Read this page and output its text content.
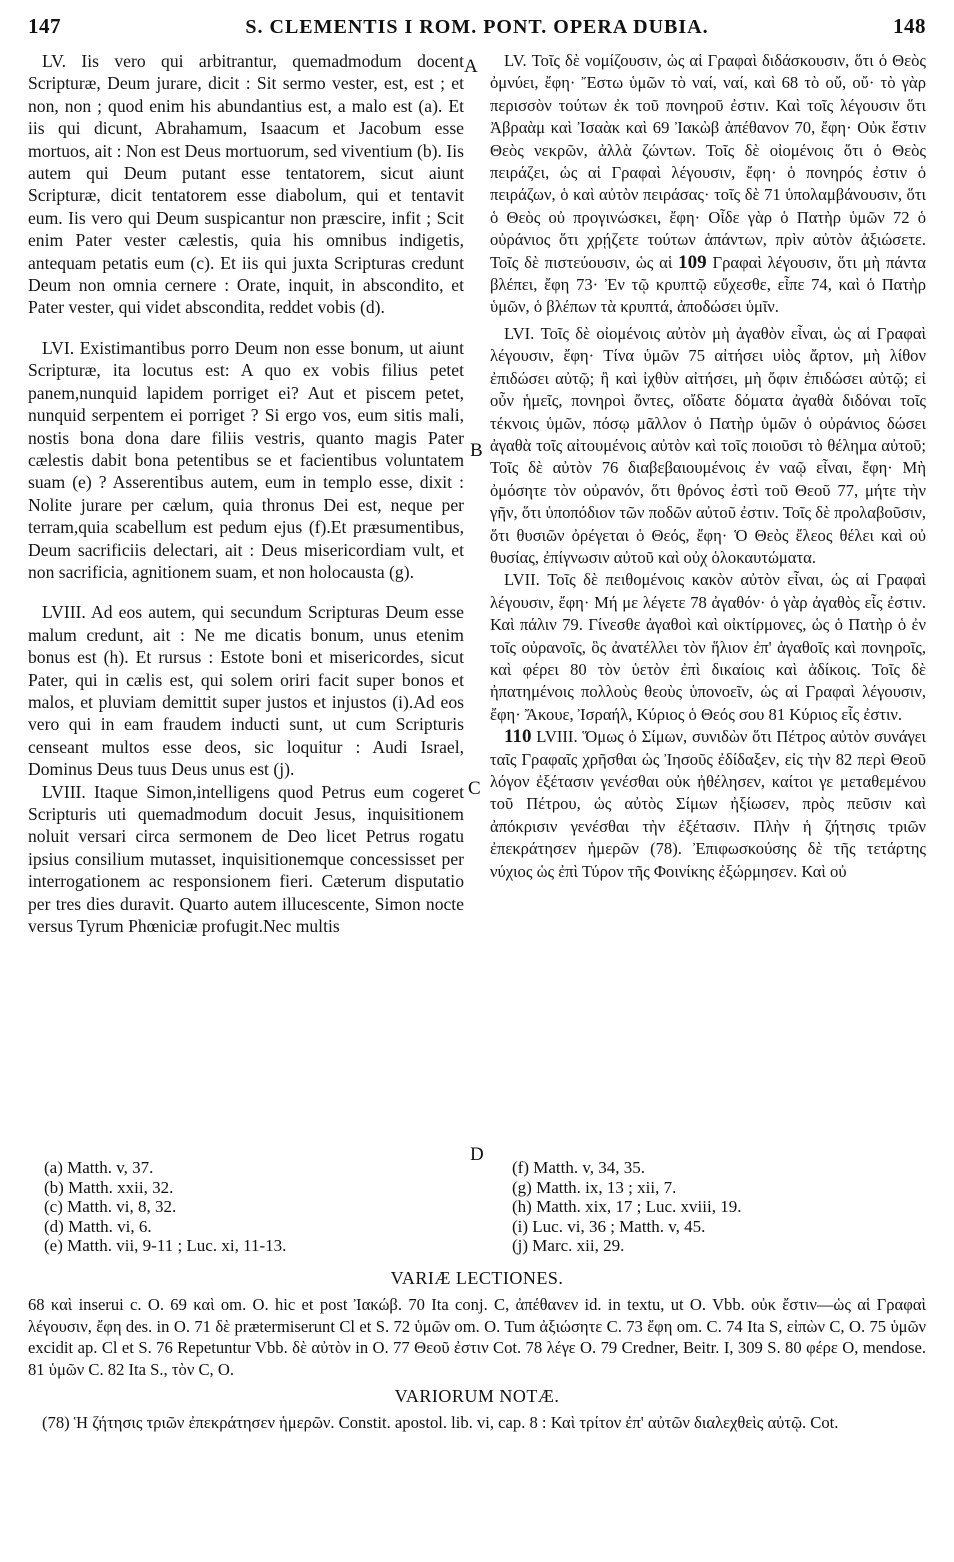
147	S. CLEMENTIS I ROM. PONT. OPERA DUBIA.	148

LV. Iis vero qui arbitrantur, quemadmodum docent Scripturæ, Deum jurare, dicit : Sit sermo vester, est, est ; et non, non ; quod enim his abundantius est, a malo est (a). Et iis qui dicunt, Abrahamum, Isaacum et Jacobum esse mortuos, ait : Non est Deus mortuorum, sed viventium (b). Iis autem qui Deum putant esse tentatorem, sicut aiunt Scripturæ, dicit tentatorem esse diabolum, qui et tentavit eum. Iis vero qui Deum suspicantur non præscire, infit ; Scit enim Pater vester cælestis, quia his omnibus indigetis, antequam petatis eum (c). Et iis qui juxta Scripturas credunt Deum non omnia cernere : Orate, inquit, in abscondito, et Pater vester, qui videt abscondita, reddet vobis (d).

LVI. Existimantibus porro Deum non esse bonum, ut aiunt Scripturæ, ita locutus est: A quo ex vobis filius petet panem,nunquid lapidem porriget ei? Aut et piscem petet, nunquid serpentem ei porriget ? Si ergo vos, eum sitis mali, nostis bona dona dare filiis vestris, quanto magis Pater cælestis dabit bona petentibus se et facientibus voluntatem suam (e) ? Asserentibus autem, eum in templo esse, dixit : Nolite jurare per cælum, quia thronus Dei est, neque per terram,quia scabellum est pedum ejus (f).Et præsumentibus, Deum sacrificiis delectari, ait : Deus misericordiam vult, et non sacrificia, agnitionem suam, et non holocausta (g).

LVIII. Ad eos autem, qui secundum Scripturas Deum esse malum credunt, ait : Ne me dicatis bonum, unus etenim bonus est (h). Et rursus : Estote boni et misericordes, sicut Pater, qui in cælis est, qui solem oriri facit super bonos et malos, et pluviam demittit super justos et injustos (i).Ad eos vero qui in eam fraudem inducti sunt, ut cum Scripturis censeant multos esse deos, sic loquitur : Audi Israel, Dominus Deus tuus Deus unus est (j).

LVIII. Itaque Simon,intelligens quod Petrus eum cogeret Scripturis uti quemadmodum docuit Jesus, inquisitionem noluit versari circa sermonem de Deo licet Petrus rogatu ipsius consilium mutasset, inquisitionemque concessisset per interrogationem ac responsionem fieri. Cæterum disputatio per tres dies duravit. Quarto autem illucescente, Simon nocte versus Tyrum Phœniciæ profugit.Nec multis

A
B
C
D

LV. Τοῖς δὲ νομίζουσιν, ὡς αἱ Γραφαὶ διδάσκουσιν, ὅτι ὁ Θεὸς ὀμνύει, ἔφη· Ἔστω ὑμῶν τὸ ναί, ναί, καὶ 68 τὸ οὔ, οὔ· τὸ γὰρ περισσὸν τούτων ἐκ τοῦ πονηροῦ ἐστιν. Καὶ τοῖς λέγουσιν ὅτι Ἀβραὰμ καὶ Ἰσαὰκ καὶ 69 Ἰακὼβ ἀπέθανον 70, ἔφη· Οὐκ ἔστιν Θεὸς νεκρῶν, ἀλλὰ ζώντων. Τοῖς δὲ οἰομένοις ὅτι ὁ Θεὸς πειράζει, ὡς αἱ Γραφαὶ λέγουσιν, ἔφη· ὁ πονηρός ἐστιν ὁ πειράζων, ὁ καὶ αὐτὸν πειράσας· τοῖς δὲ 71 ὑπολαμβάνουσιν, ὅτι ὁ Θεὸς οὐ προγινώσκει, ἔφη· Οἶδε γὰρ ὁ Πατὴρ ὑμῶν 72 ὁ οὐράνιος ὅτι χρῄζετε τούτων ἁπάντων, πρὶν αὐτὸν ἀξιώσετε. Τοῖς δὲ πιστεύουσιν, ὡς αἱ 109 Γραφαὶ λέγουσιν, ὅτι μὴ πάντα βλέπει, ἔφη 73· Ἐν τῷ κρυπτῷ εὔχεσθε, εἶπε 74, καὶ ὁ Πατὴρ ὑμῶν, ὁ βλέπων τὰ κρυπτά, ἀποδώσει ὑμῖν.

LVI. Τοῖς δὲ οἰομένοις αὐτὸν μὴ ἀγαθὸν εἶναι, ὡς αἱ Γραφαὶ λέγουσιν, ἔφη· Τίνα ὑμῶν 75 αἰτήσει υἱὸς ἄρτον, μὴ λίθον ἐπιδώσει αὐτῷ; ἢ καὶ ἰχθὺν αἰτήσει, μὴ ὄφιν ἐπιδώσει αὐτῷ; εἰ οὖν ἡμεῖς, πονηροὶ ὄντες, οἴδατε δόματα ἀγαθὰ διδόναι τοῖς τέκνοις ὑμῶν, πόσῳ μᾶλλον ὁ Πατὴρ ὑμῶν ὁ οὐράνιος δώσει ἀγαθὰ τοῖς αἰτουμένοις αὐτὸν καὶ τοῖς ποιοῦσι τὸ θέλημα αὐτοῦ; Τοῖς δὲ αὐτὸν 76 διαβεβαιουμένοις ἐν ναῷ εἶναι, ἔφη· Μὴ ὀμόσητε τὸν οὐρανόν, ὅτι θρόνος ἐστὶ τοῦ Θεοῦ 77, μήτε τὴν γῆν, ὅτι ὑποπόδιον τῶν ποδῶν αὐτοῦ ἐστιν. Τοῖς δὲ προλαβοῦσιν, ὅτι θυσιῶν ὀρέγεται ὁ Θεός, ἔφη· Ὁ Θεὸς ἔλεος θέλει καὶ οὐ θυσίας, ἐπίγνωσιν αὐτοῦ καὶ οὐχ ὁλοκαυτώματα.

LVII. Τοῖς δὲ πειθομένοις κακὸν αὐτὸν εἶναι, ὡς αἱ Γραφαὶ λέγουσιν, ἔφη· Μή με λέγετε 78 ἀγαθόν· ὁ γὰρ ἀγαθὸς εἷς ἐστιν. Καὶ πάλιν 79. Γίνεσθε ἀγαθοὶ καὶ οἰκτίρμονες, ὡς ὁ Πατὴρ ὁ ἐν τοῖς οὐρανοῖς, ὃς ἀνατέλλει τὸν ἥλιον ἐπ' ἀγαθοῖς καὶ πονηροῖς, καὶ φέρει 80 τὸν ὑετὸν ἐπὶ δικαίοις καὶ ἀδίκοις. Τοῖς δὲ ἠπατημένοις πολλοὺς θεοὺς ὑπονοεῖν, ὡς αἱ Γραφαὶ λέγουσιν, ἔφη· Ἄκουε, Ἰσραήλ, Κύριος ὁ Θεός σου 81 Κύριος εἷς ἐστιν.

110 LVIII. Ὅμως ὁ Σίμων, συνιδὼν ὅτι Πέτρος αὐτὸν συνάγει ταῖς Γραφαῖς χρῆσθαι ὡς Ἰησοῦς ἐδίδαξεν, εἰς τὴν 82 περὶ Θεοῦ λόγον ἐξέτασιν γενέσθαι οὐκ ἠθέλησεν, καίτοι γε μεταθεμένου τοῦ Πέτρου, ὡς αὐτὸς Σίμων ἠξίωσεν, πρὸς πεῦσιν καὶ ἀπόκρισιν γενέσθαι τὴν ἐξέτασιν. Πλὴν ἡ ζήτησις τριῶν ἐπεκράτησεν ἡμερῶν (78). Ἐπιφωσκούσης δὲ τῆς τετάρτης νύχιος ὡς ἐπὶ Τύρον τῆς Φοινίκης ἐξώρμησεν. Καὶ οὐ

(a) Matth. v, 37.
(b) Matth. xxii, 32.
(c) Matth. vi, 8, 32.
(d) Matth. vi, 6.
(e) Matth. vii, 9-11 ; Luc. xi, 11-13.
(f) Matth. v, 34, 35.
(g) Matth. ix, 13 ; xii, 7.
(h) Matth. xix, 17 ; Luc. xviii, 19.
(i) Luc. vi, 36 ; Matth. v, 45.
(j) Marc. xii, 29.
VARIÆ LECTIONES.

68 καὶ inserui c. O. 69 καὶ om. O. hic et post Ἰακώβ. 70 Ita conj. C, ἀπέθανεν id. in textu, ut O. Vbb. οὐκ ἔστιν—ὡς αἱ Γραφαὶ λέγουσιν, ἔφη des. in O. 71 δὲ prætermiserunt Cl et S. 72 ὑμῶν om. O. Tum ἀξιώσητε C. 73 ἔφη om. C. 74 Ita S, εἰπὼν C, O. 75 ὑμῶν excidit ap. Cl et S. 76 Repetuntur Vbb. δὲ αὐτὸν in O. 77 Θεοῦ ἐστιν Cot. 78 λέγε O. 79 Credner, Beitr. I, 309 S. 80 φέρε O, mendose. 81 ὑμῶν C. 82 Ita S., τὸν C, O.

VARIORUM NOTÆ.

(78) Ἡ ζήτησις τριῶν ἐπεκράτησεν ἡμερῶν. Constit. apostol. lib. vi, cap. 8 : Καὶ τρίτον ἐπ' αὐτῶν διαλεχθεὶς αὐτῷ. Cot.
